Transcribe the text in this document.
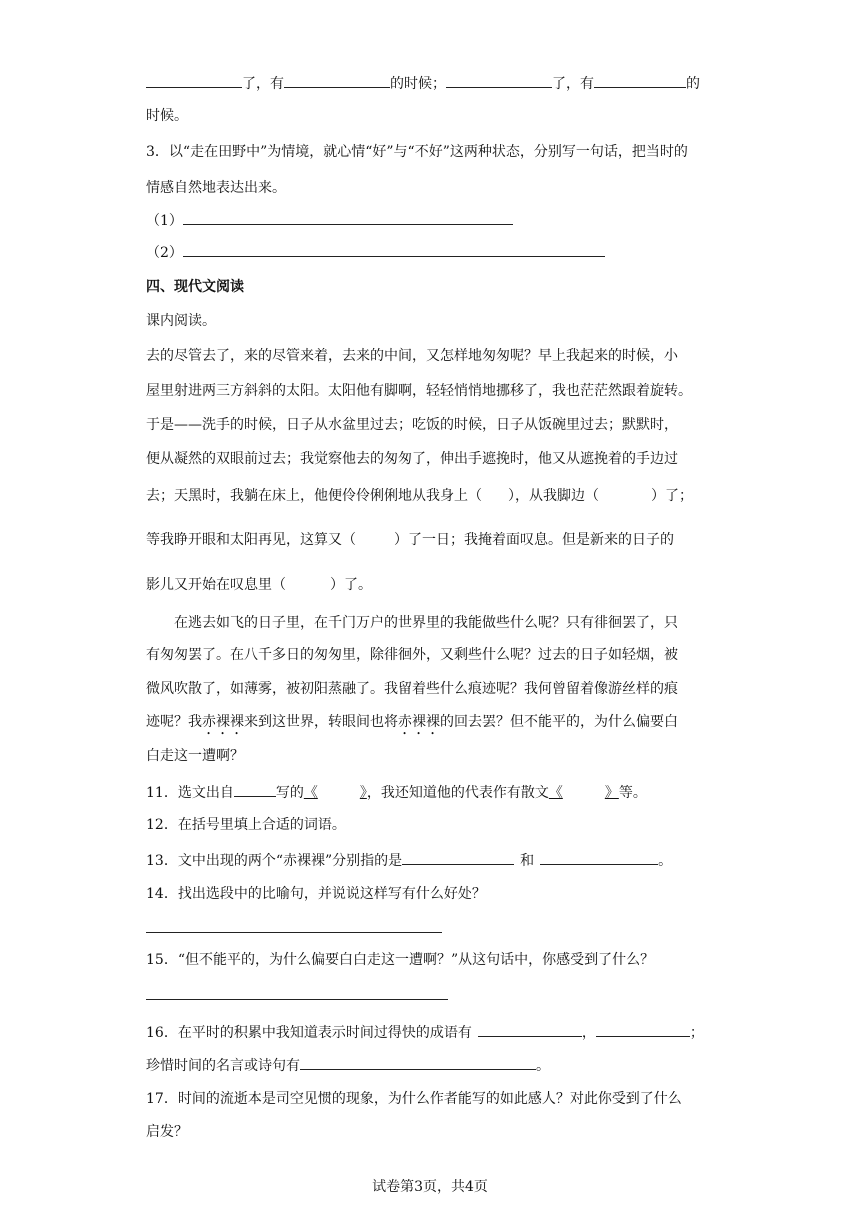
了，有	的时候；	了，有	的
时候。
3．以“走在田野中”为情境，就心情“好”与“不好”这两种状态，分别写一句话，把当时的
情感自然地表达出来。
（1）
（2）
四、现代文阅读
课内阅读。
去的尽管去了，来的尽管来着，去来的中间，又怎样地匆匆呢？早上我起来的时候，小
屋里射进两三方斜斜的太阳。太阳他有脚啊，轻轻悄悄地挪移了，我也茫茫然跟着旋转。
于是——洗手的时候，日子从水盆里过去；吃饭的时候，日子从饭碗里过去；默默时，
便从凝然的双眼前过去；我觉察他去的匆匆了，伸出手遮挽时，他又从遮挽着的手边过
去；天黑时，我躺在床上，他便伶伶俐俐地从我身上（ ），从我脚边（	）了；
等我睁开眼和太阳再见，这算又（	）了一日；我掩着面叹息。但是新来的日子的
影儿又开始在叹息里（	）了。
在逃去如飞的日子里，在千门万户的世界里的我能做些什么呢？只有徘徊罢了，只
有匆匆罢了。在八千多日的匆匆里，除徘徊外，又剩些什么呢？过去的日子如轻烟，被
微风吹散了，如薄雾，被初阳蒸融了。我留着些什么痕迹呢？我何曾留着像游丝样的痕
迹呢？我赤裸裸来到这世界，转眼间也将赤裸裸的回去罢？但不能平的，为什么偏要白
白走这一遭啊？
11．选文出自	写的《	》，我还知道他的代表作有散文《	》等。
12．在括号里填上合适的词语。
13．文中出现的两个“赤裸裸”分别指的是	和	。
14．找出选段中的比喻句，并说说这样写有什么好处？
15．“但不能平的，为什么偏要白白走这一遭啊？”从这句话中，你感受到了什么？
16．在平时的积累中我知道表示时间过得快的成语有	，	；
珍惜时间的名言或诗句有	。
17．时间的流逝本是司空见惯的现象，为什么作者能写的如此感人？对此你受到了什么
启发？
试卷第3页，共4页
